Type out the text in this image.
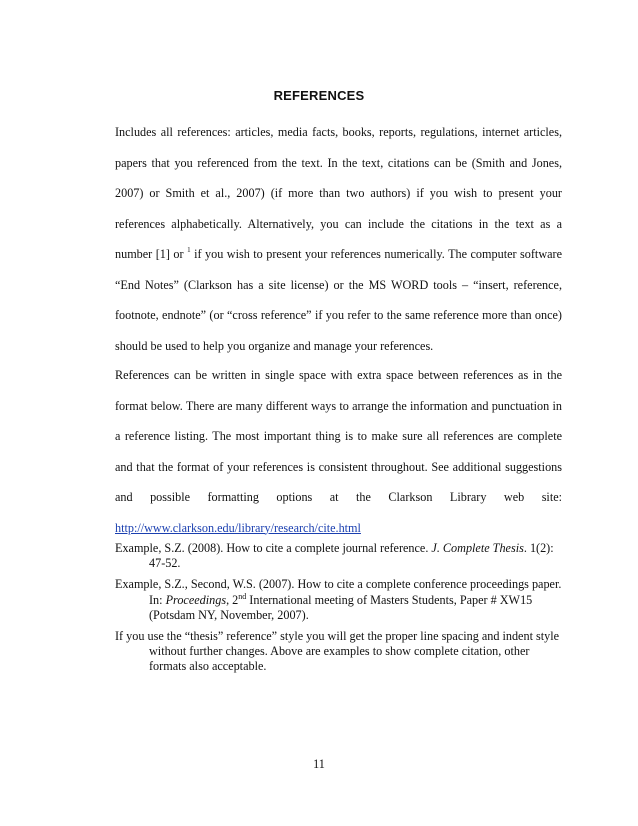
REFERENCES

Includes all references: articles, media facts, books, reports, regulations, internet articles, papers that you referenced from the text. In the text, citations can be (Smith and Jones, 2007) or Smith et al., 2007) (if more than two authors) if you wish to present your references alphabetically. Alternatively, you can include the citations in the text as a number [1] or $^1$ if you wish to present your references numerically. The computer software “End Notes” (Clarkson has a site license) or the MS WORD tools – “insert, reference, footnote, endnote” (or “cross reference” if you refer to the same reference more than once) should be used to help you organize and manage your references.

References can be written in single space with extra space between references as in the format below. There are many different ways to arrange the information and punctuation in a reference listing. The most important thing is to make sure all references are complete and that the format of your references is consistent throughout. See additional suggestions and possible formatting options at the Clarkson Library web site: http://www.clarkson.edu/library/research/cite.html

Example, S.Z. (2008). How to cite a complete journal reference. J. Complete Thesis. 1(2): 47-52.

Example, S.Z., Second, W.S. (2007). How to cite a complete conference proceedings paper. In: Proceedings, 2nd International meeting of Masters Students, Paper # XW15 (Potsdam NY, November, 2007).

If you use the “thesis” reference” style you will get the proper line spacing and indent style without further changes. Above are examples to show complete citation, other formats also acceptable.

11
